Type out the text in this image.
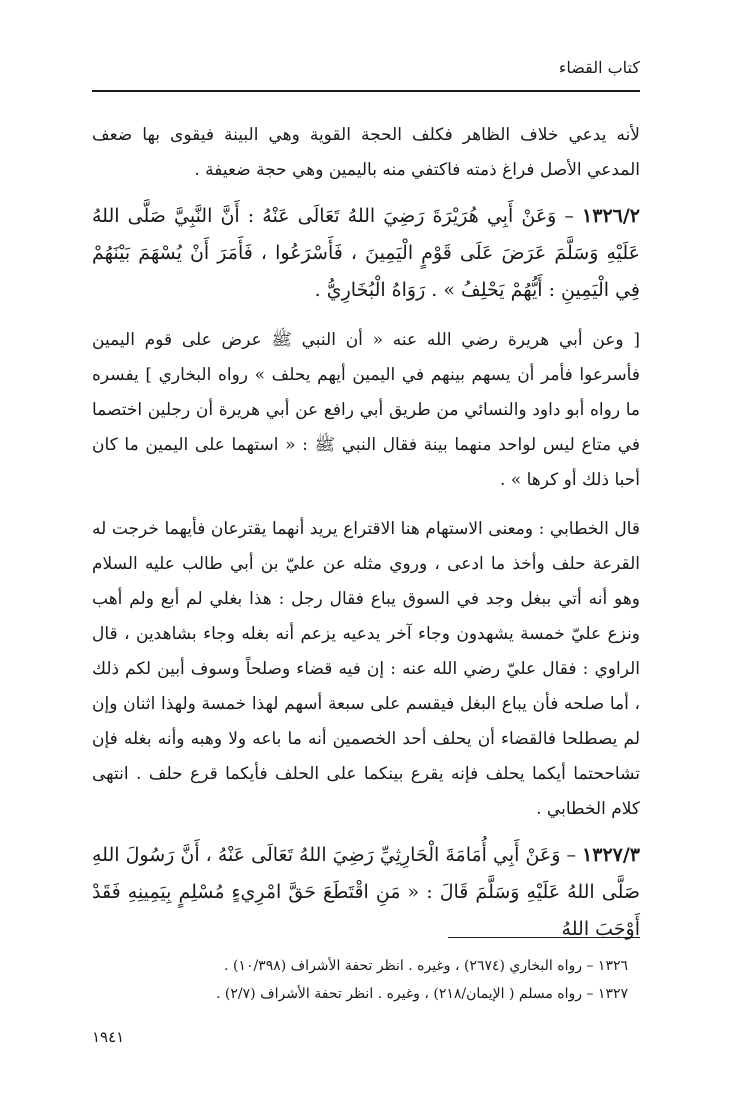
كتاب القضاء

لأنه يدعي خلاف الظاهر فكلف الحجة القوية وهي البينة فيقوى بها ضعف المدعي الأصل فراغ ذمته فاكتفي منه باليمين وهي حجة ضعيفة .

١٣٢٦/٢ – وَعَنْ أَبِي هُرَيْرَةَ رَضِيَ اللهُ تَعَالَى عَنْهُ : أَنَّ النَّبِيَّ صَلَّى اللهُ عَلَيْهِ وَسَلَّمَ عَرَضَ عَلَى قَوْمٍ الْيَمِينَ ، فَأَسْرَعُوا ، فَأَمَرَ أَنْ يُسْهَمَ بَيْنَهُمْ فِي الْيَمِينِ : أَيُّهُمْ يَحْلِفُ » . رَوَاهُ الْبُخَارِيُّ .

[ وعن أبي هريرة رضي الله عنه « أن النبي ﷺ عرض على قوم اليمين فأسرعوا فأمر أن يسهم بينهم في اليمين أيهم يحلف » رواه البخاري ] يفسره ما رواه أبو داود والنسائي من طريق أبي رافع عن أبي هريرة أن رجلين اختصما في متاع ليس لواحد منهما بينة فقال النبي ﷺ : « استهما على اليمين ما كان أحبا ذلك أو كرها » .

قال الخطابي : ومعنى الاستهام هنا الاقتراع يريد أنهما يقترعان فأيهما خرجت له القرعة حلف وأخذ ما ادعى ، وروي مثله عن عليّ بن أبي طالب عليه السلام وهو أنه أتي ببغل وجد في السوق يباع فقال رجل : هذا بغلي لم أبع ولم أهب ونزع عليّ خمسة يشهدون وجاء آخر يدعيه يزعم أنه بغله وجاء بشاهدين ، قال الراوي : فقال عليّ رضي الله عنه : إن فيه قضاء وصلحاً وسوف أبين لكم ذلك ، أما صلحه فأن يباع البغل فيقسم على سبعة أسهم لهذا خمسة ولهذا اثنان وإن لم يصطلحا فالقضاء أن يحلف أحد الخصمين أنه ما باعه ولا وهبه وأنه بغله فإن تشاححتما أيكما يحلف فإنه يقرع بينكما على الحلف فأيكما قرع حلف . انتهى كلام الخطابي .

١٣٢٧/٣ – وَعَنْ أَبِي أُمَامَةَ الْحَارِثِيِّ رَضِيَ اللهُ تَعَالَى عَنْهُ ، أَنَّ رَسُولَ اللهِ صَلَّى اللهُ عَلَيْهِ وَسَلَّمَ قَالَ : « مَنِ اقْتَطَعَ حَقَّ امْرِيءٍ مُسْلِمٍ بِيَمِينِهِ فَقَدْ أَوْجَبَ اللهُ

١٣٢٦ – رواه البخاري (٢٦٧٤) ، وغيره . انظر تحفة الأشراف (١٠/٣٩٨) .

١٣٢٧ – رواه مسلم ( الإيمان/٢١٨) ، وغيره . انظر تحفة الأشراف (٢/٧) .

١٩٤١
